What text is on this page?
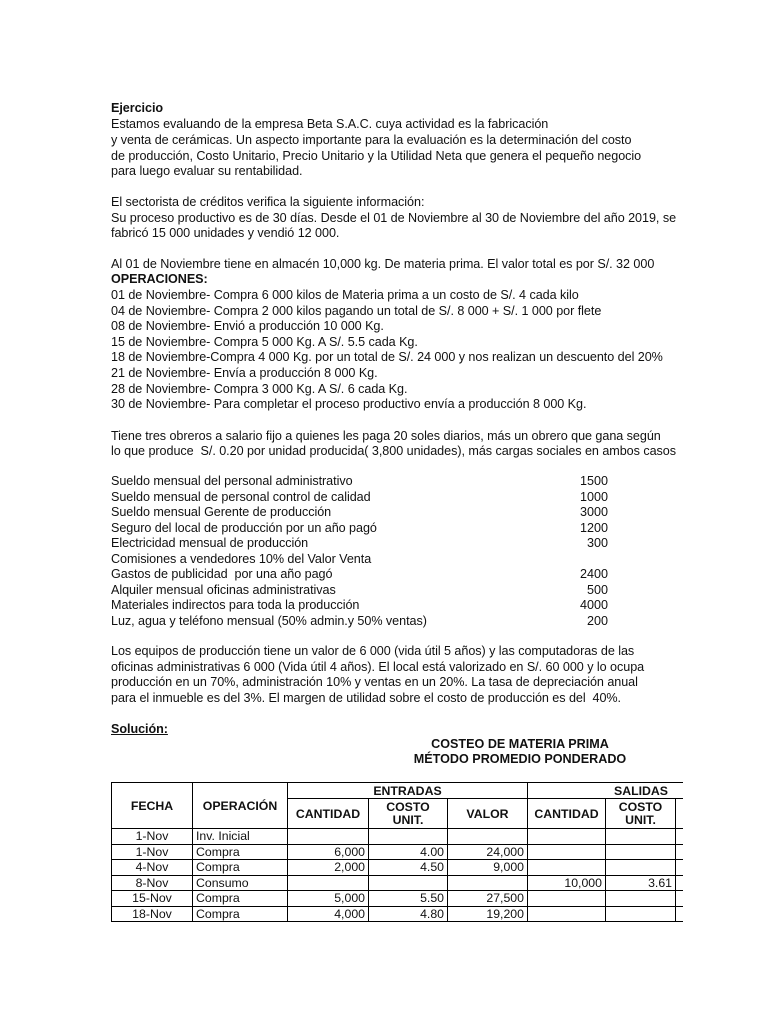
Ejercicio
Estamos evaluando de la empresa Beta S.A.C. cuya actividad es la fabricación
y venta de cerámicas. Un aspecto importante para la evaluación es la determinación del costo
de producción, Costo Unitario, Precio Unitario y la Utilidad Neta que genera el pequeño negocio
para luego evaluar su rentabilidad.
El sectorista de créditos verifica la siguiente información:
Su proceso productivo es de 30 días. Desde el 01 de Noviembre al 30 de Noviembre del año 2019, se
fabricó 15 000 unidades y vendió 12 000.
Al 01 de Noviembre tiene en almacén 10,000 kg. De materia prima. El valor total es por S/. 32 000
OPERACIONES:
01 de Noviembre- Compra 6 000 kilos de Materia prima a un costo de S/. 4 cada kilo
04 de Noviembre- Compra 2 000 kilos pagando un total de S/. 8 000 + S/. 1 000 por flete
08 de Noviembre- Envió a producción 10 000 Kg.
15 de Noviembre- Compra 5 000 Kg. A S/. 5.5 cada Kg.
18 de Noviembre-Compra 4 000 Kg. por un total de S/. 24 000 y nos realizan un descuento del 20%
21 de Noviembre- Envía a producción 8 000 Kg.
28 de Noviembre- Compra 3 000 Kg. A S/. 6 cada Kg.
30 de Noviembre- Para completar el proceso productivo envía a producción 8 000 Kg.
Tiene tres obreros a salario fijo a quienes les paga 20 soles diarios, más un obrero que gana según
lo que produce  S/. 0.20 por unidad producida( 3,800 unidades), más cargas sociales en ambos casos
Sueldo mensual del personal administrativo	1500
Sueldo mensual de personal control de calidad	1000
Sueldo mensual Gerente de producción	3000
Seguro del local de producción por un año pagó	1200
Electricidad mensual de producción	300
Comisiones a vendedores 10% del Valor Venta
Gastos de publicidad  por una año pagó	2400
Alquiler mensual oficinas administrativas	500
Materiales indirectos para toda la producción	4000
Luz, agua y teléfono mensual (50% admin.y 50% ventas)	200
Los equipos de producción tiene un valor de 6 000 (vida útil 5 años) y las computadoras de las
oficinas administrativas 6 000 (Vida útil 4 años). El local está valorizado en S/. 60 000 y lo ocupa
producción en un 70%, administración 10% y ventas en un 20%. La tasa de depreciación anual
para el inmueble es del 3%. El margen de utilidad sobre el costo de producción es del  40%.
Solución:
COSTEO DE MATERIA PRIMA
MÉTODO PROMEDIO PONDERADO
FECHA	OPERACIÓN	ENTRADAS			SALIDAS		
		CANTIDAD	COSTO UNIT.	VALOR	CANTIDAD	COSTO UNIT.	
1-Nov	Inv. Inicial						
1-Nov	Compra	6,000	4.00	24,000			
4-Nov	Compra	2,000	4.50	9,000			
8-Nov	Consumo				10,000	3.61	
15-Nov	Compra	5,000	5.50	27,500			
18-Nov	Compra	4,000	4.80	19,200			
